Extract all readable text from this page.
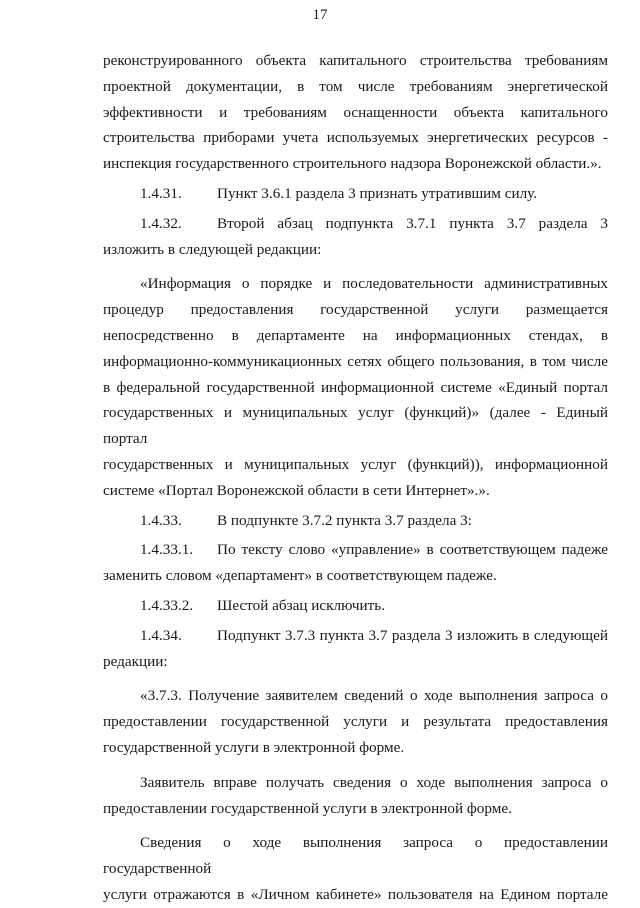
17

реконструированного объекта капитального строительства требованиям

проектной документации, в том числе требованиям энергетической

эффективности и требованиям оснащенности объекта капитального

строительства приборами учета используемых энергетических ресурсов -

инспекция государственного строительного надзора Воронежской области.».

1.4.31.	Пункт 3.6.1 раздела 3 признать утратившим силу.
1.4.32.	Второй абзац подпункта 3.7.1 пункта 3.7 раздела 3

изложить в следующей редакции:

«Информация о порядке и последовательности административных

процедур предоставления государственной услуги размещается

непосредственно в департаменте на информационных стендах, в

информационно-коммуникационных сетях общего пользования, в том числе

в федеральной государственной информационной системе «Единый портал

государственных и муниципальных услуг (функций)» (далее - Единый портал

государственных и муниципальных услуг (функций)), информационной

системе «Портал Воронежской области в сети Интернет».».

1.4.33.	В подпункте 3.7.2 пункта 3.7 раздела 3:
1.4.33.1.	По тексту слово «управление» в соответствующем падеже

заменить словом «департамент» в соответствующем падеже.

1.4.33.2.	Шестой абзац исключить.
1.4.34.	Подпункт 3.7.3 пункта 3.7 раздела 3 изложить в следующей

редакции:

«3.7.3. Получение заявителем сведений о ходе выполнения запроса о

предоставлении государственной услуги и результата предоставления

государственной услуги в электронной форме.

Заявитель вправе получать сведения о ходе выполнения запроса о

предоставлении государственной услуги в электронной форме.

Сведения о ходе выполнения запроса о предоставлении государственной

услуги отражаются в «Личном кабинете» пользователя на Едином портале
